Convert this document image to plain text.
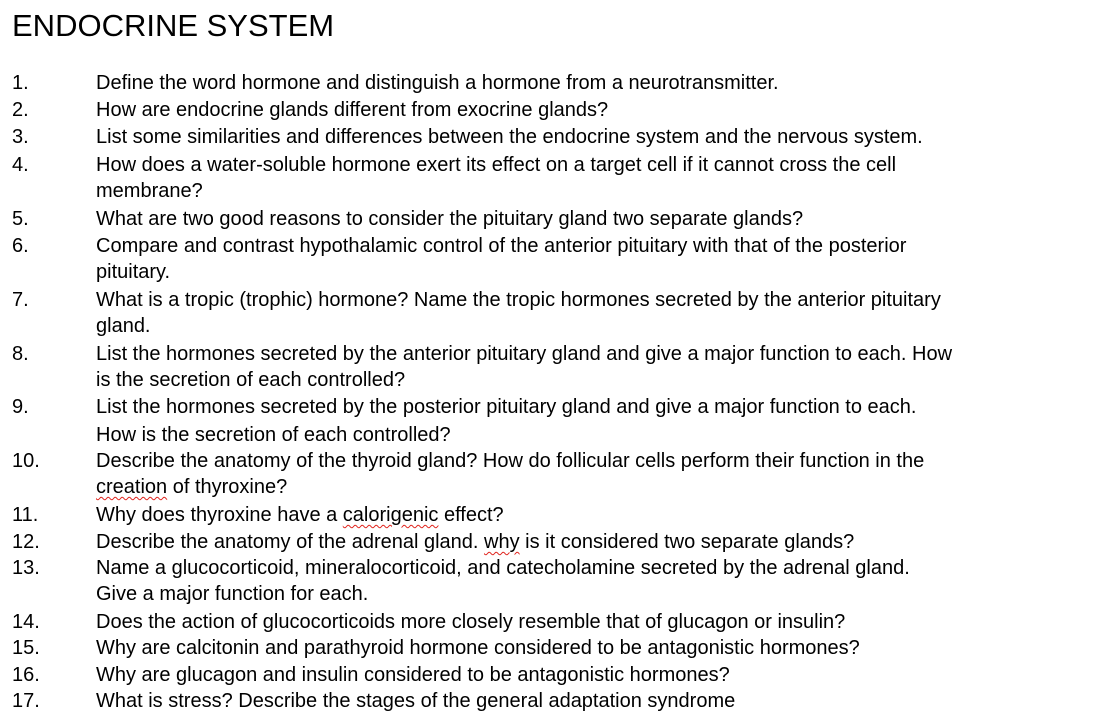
ENDOCRINE SYSTEM
1.	Define the word hormone and distinguish a hormone from a neurotransmitter.
2.	How are endocrine glands different from exocrine glands?
3.	List some similarities and differences between the endocrine system and the nervous system.
4.	How does a water-soluble hormone exert its effect on a target cell if it cannot cross the cell
membrane?
5.	What are two good reasons to consider the pituitary gland two separate glands?
6.	Compare and contrast hypothalamic control of the anterior pituitary with that of the posterior
pituitary.
7.	What is a tropic (trophic) hormone? Name the tropic hormones secreted by the anterior pituitary
gland.
8.	List the hormones secreted by the anterior pituitary gland and give a major function to each. How
is the secretion of each controlled?
9.	List the hormones secreted by the posterior pituitary gland and give a major function to each.
How is the secretion of each controlled?
10.	Describe the anatomy of the thyroid gland? How do follicular cells perform their function in the
creation of thyroxine?
11.	Why does thyroxine have a calorigenic effect?
12.	Describe the anatomy of the adrenal gland. why is it considered two separate glands?
13.	Name a glucocorticoid, mineralocorticoid, and catecholamine secreted by the adrenal gland.
Give a major function for each.
14.	Does the action of glucocorticoids more closely resemble that of glucagon or insulin?
15.	Why are calcitonin and parathyroid hormone considered to be antagonistic hormones?
16.	Why are glucagon and insulin considered to be antagonistic hormones?
17.	What is stress? Describe the stages of the general adaptation syndrome
